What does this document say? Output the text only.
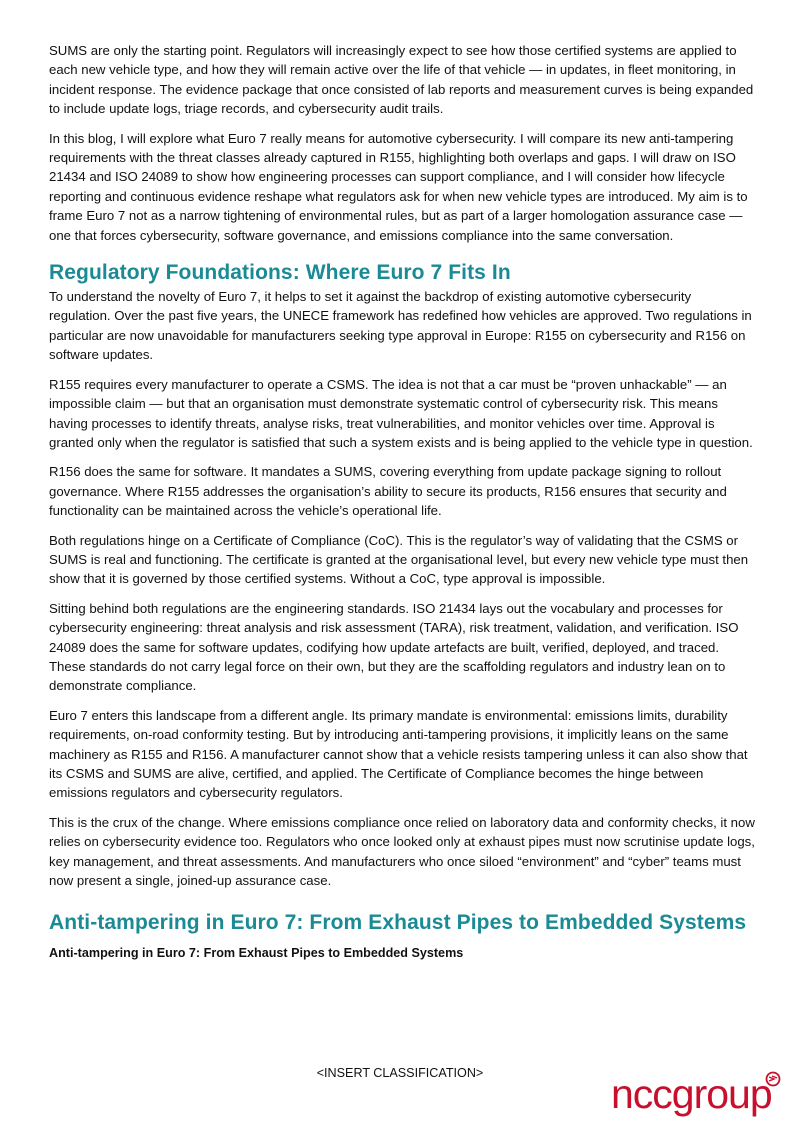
SUMS are only the starting point. Regulators will increasingly expect to see how those certified systems are applied to each new vehicle type, and how they will remain active over the life of that vehicle — in updates, in fleet monitoring, in incident response. The evidence package that once consisted of lab reports and measurement curves is being expanded to include update logs, triage records, and cybersecurity audit trails.

In this blog, I will explore what Euro 7 really means for automotive cybersecurity. I will compare its new anti-tampering requirements with the threat classes already captured in R155, highlighting both overlaps and gaps. I will draw on ISO 21434 and ISO 24089 to show how engineering processes can support compliance, and I will consider how lifecycle reporting and continuous evidence reshape what regulators ask for when new vehicle types are introduced. My aim is to frame Euro 7 not as a narrow tightening of environmental rules, but as part of a larger homologation assurance case — one that forces cybersecurity, software governance, and emissions compliance into the same conversation.

Regulatory Foundations: Where Euro 7 Fits In

To understand the novelty of Euro 7, it helps to set it against the backdrop of existing automotive cybersecurity regulation. Over the past five years, the UNECE framework has redefined how vehicles are approved. Two regulations in particular are now unavoidable for manufacturers seeking type approval in Europe: R155 on cybersecurity and R156 on software updates.

R155 requires every manufacturer to operate a CSMS. The idea is not that a car must be “proven unhackable” — an impossible claim — but that an organisation must demonstrate systematic control of cybersecurity risk. This means having processes to identify threats, analyse risks, treat vulnerabilities, and monitor vehicles over time. Approval is granted only when the regulator is satisfied that such a system exists and is being applied to the vehicle type in question.

R156 does the same for software. It mandates a SUMS, covering everything from update package signing to rollout governance. Where R155 addresses the organisation’s ability to secure its products, R156 ensures that security and functionality can be maintained across the vehicle’s operational life.

Both regulations hinge on a Certificate of Compliance (CoC). This is the regulator’s way of validating that the CSMS or SUMS is real and functioning. The certificate is granted at the organisational level, but every new vehicle type must then show that it is governed by those certified systems. Without a CoC, type approval is impossible.

Sitting behind both regulations are the engineering standards. ISO 21434 lays out the vocabulary and processes for cybersecurity engineering: threat analysis and risk assessment (TARA), risk treatment, validation, and verification. ISO 24089 does the same for software updates, codifying how update artefacts are built, verified, deployed, and traced. These standards do not carry legal force on their own, but they are the scaffolding regulators and industry lean on to demonstrate compliance.

Euro 7 enters this landscape from a different angle. Its primary mandate is environmental: emissions limits, durability requirements, on-road conformity testing. But by introducing anti-tampering provisions, it implicitly leans on the same machinery as R155 and R156. A manufacturer cannot show that a vehicle resists tampering unless it can also show that its CSMS and SUMS are alive, certified, and applied. The Certificate of Compliance becomes the hinge between emissions regulators and cybersecurity regulators.

This is the crux of the change. Where emissions compliance once relied on laboratory data and conformity checks, it now relies on cybersecurity evidence too. Regulators who once looked only at exhaust pipes must now scrutinise update logs, key management, and threat assessments. And manufacturers who once siloed “environment” and “cyber” teams must now present a single, joined-up assurance case.

Anti-tampering in Euro 7: From Exhaust Pipes to Embedded Systems

Anti-tampering in Euro 7: From Exhaust Pipes to Embedded Systems

<INSERT CLASSIFICATION>	nccgroup
